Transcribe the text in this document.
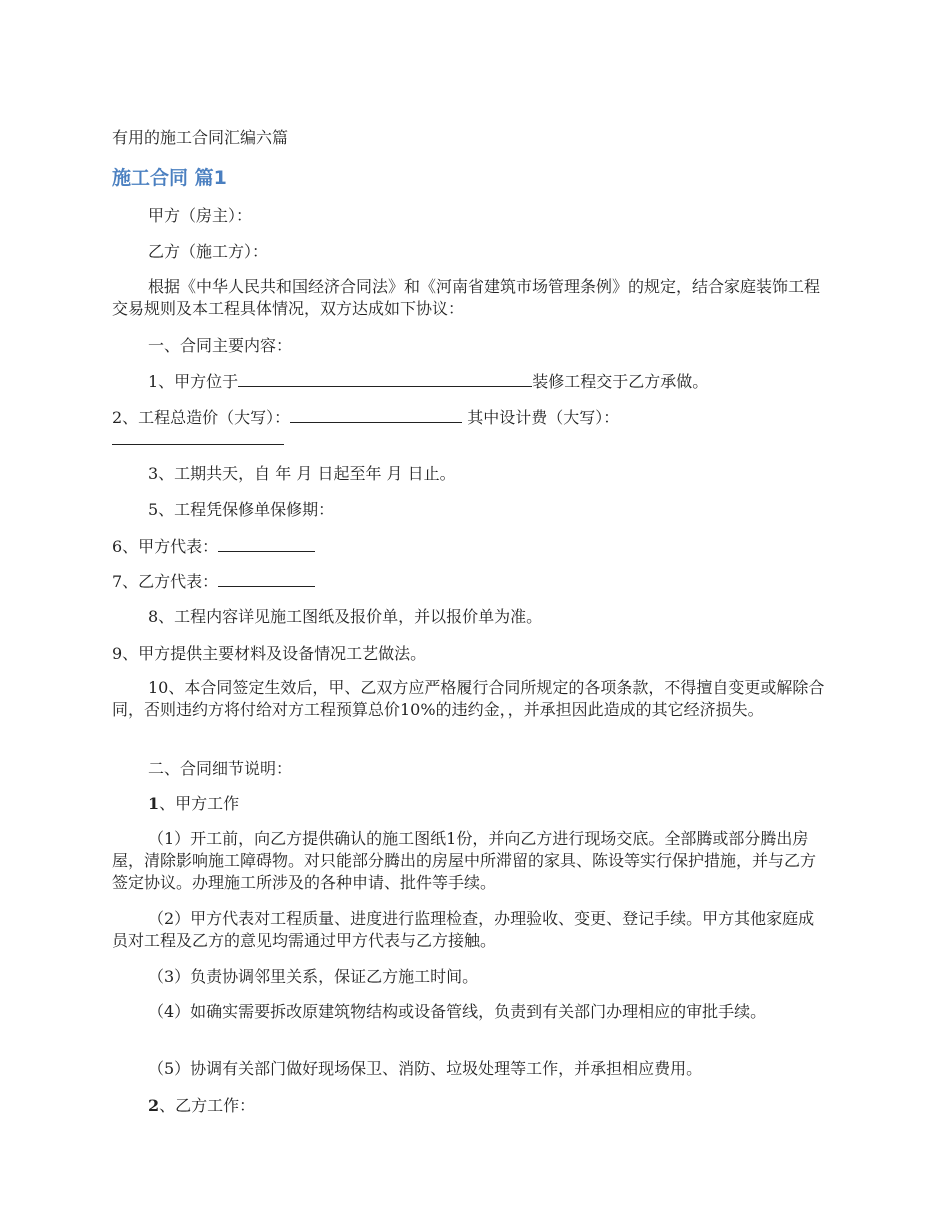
有用的施工合同汇编六篇

施工合同 篇1

甲方（房主）：

乙方（施工方）：

根据《中华人民共和国经济合同法》和《河南省建筑市场管理条例》的规定，结合家庭装饰工程交易规则及本工程具体情况，双方达成如下协议：

一、合同主要内容：

1、甲方位于	装修工程交于乙方承做。

2、工程总造价（大写）：	其中设计费（大写）：

3、工期共天，自 年 月 日起至年 月 日止。

5、工程凭保修单保修期：

6、甲方代表：

7、乙方代表：

8、工程内容详见施工图纸及报价单，并以报价单为准。

9、甲方提供主要材料及设备情况工艺做法。

10、本合同签定生效后，甲、乙双方应严格履行合同所规定的各项条款，不得擅自变更或解除合同，否则违约方将付给对方工程预算总价10%的违约金，，并承担因此造成的其它经济损失。

二、合同细节说明：

1、甲方工作

（1）开工前，向乙方提供确认的施工图纸1份，并向乙方进行现场交底。全部腾或部分腾出房屋，清除影响施工障碍物。对只能部分腾出的房屋中所滞留的家具、陈设等实行保护措施，并与乙方签定协议。办理施工所涉及的各种申请、批件等手续。

（2）甲方代表对工程质量、进度进行监理检查，办理验收、变更、登记手续。甲方其他家庭成员对工程及乙方的意见均需通过甲方代表与乙方接触。

（3）负责协调邻里关系，保证乙方施工时间。

（4）如确实需要拆改原建筑物结构或设备管线，负责到有关部门办理相应的审批手续。

（5）协调有关部门做好现场保卫、消防、垃圾处理等工作，并承担相应费用。

2、乙方工作：
